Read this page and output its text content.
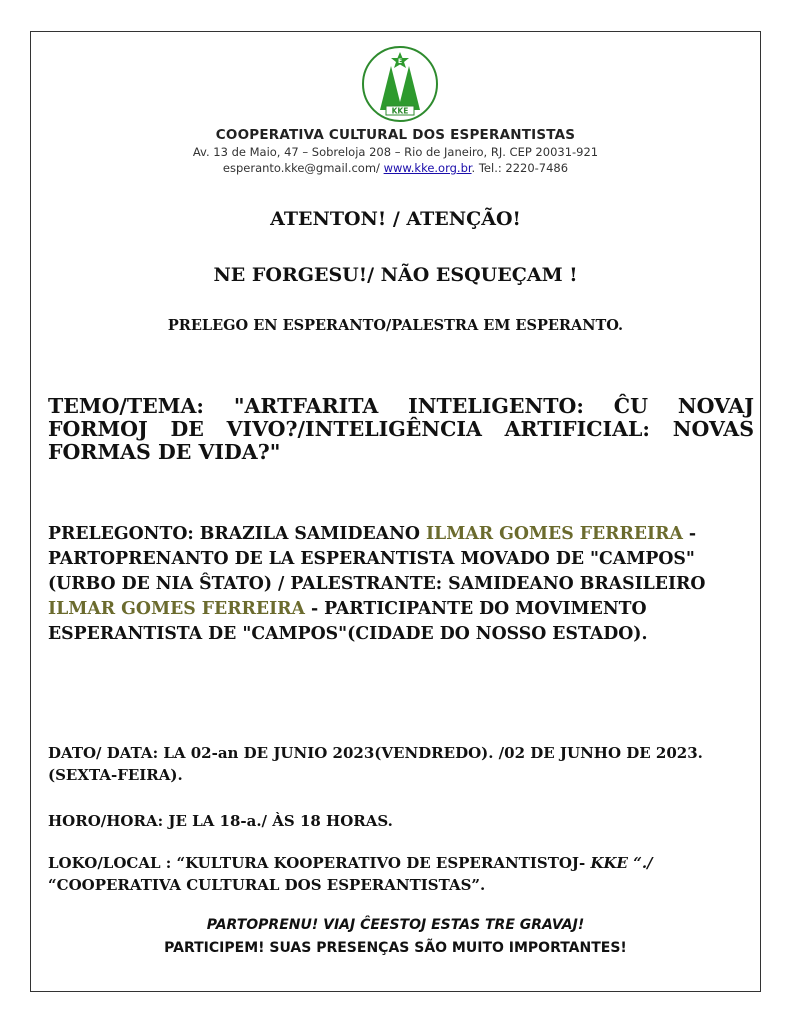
E
KKE
COOPERATIVA CULTURAL DOS ESPERANTISTAS
Av. 13 de Maio, 47 – Sobreloja 208 – Rio de Janeiro, RJ. CEP 20031-921
esperanto.kke@gmail.com/ www.kke.org.br. Tel.: 2220-7486
ATENTON! / ATENÇÃO!
NE FORGESU!/ NÃO ESQUEÇAM !
PRELEGO EN ESPERANTO/PALESTRA EM ESPERANTO.
TEMO/TEMA: "ARTFARITA INTELIGENTO: ĈU NOVAJ FORMOJ DE VIVO?/INTELIGÊNCIA ARTIFICIAL: NOVAS FORMAS DE VIDA?"
PRELEGONTO: BRAZILA SAMIDEANO ILMAR GOMES FERREIRA - PARTOPRENANTO DE LA ESPERANTISTA MOVADO DE "CAMPOS" (URBO DE NIA ŜTATO) / PALESTRANTE: SAMIDEANO BRASILEIRO ILMAR GOMES FERREIRA - PARTICIPANTE DO MOVIMENTO ESPERANTISTA DE "CAMPOS"(CIDADE DO NOSSO ESTADO).
DATO/ DATA: LA 02-an DE JUNIO 2023(VENDREDO). /02 DE JUNHO DE 2023. (SEXTA-FEIRA).
HORO/HORA: JE LA 18-a./ ÀS 18 HORAS.
LOKO/LOCAL : “KULTURA KOOPERATIVO DE ESPERANTISTOJ- KKE “./
“COOPERATIVA CULTURAL DOS ESPERANTISTAS”.
PARTOPRENU! VIAJ ĈEESTOJ ESTAS TRE GRAVAJ!
PARTICIPEM! SUAS PRESENÇAS SÃO MUITO IMPORTANTES!
